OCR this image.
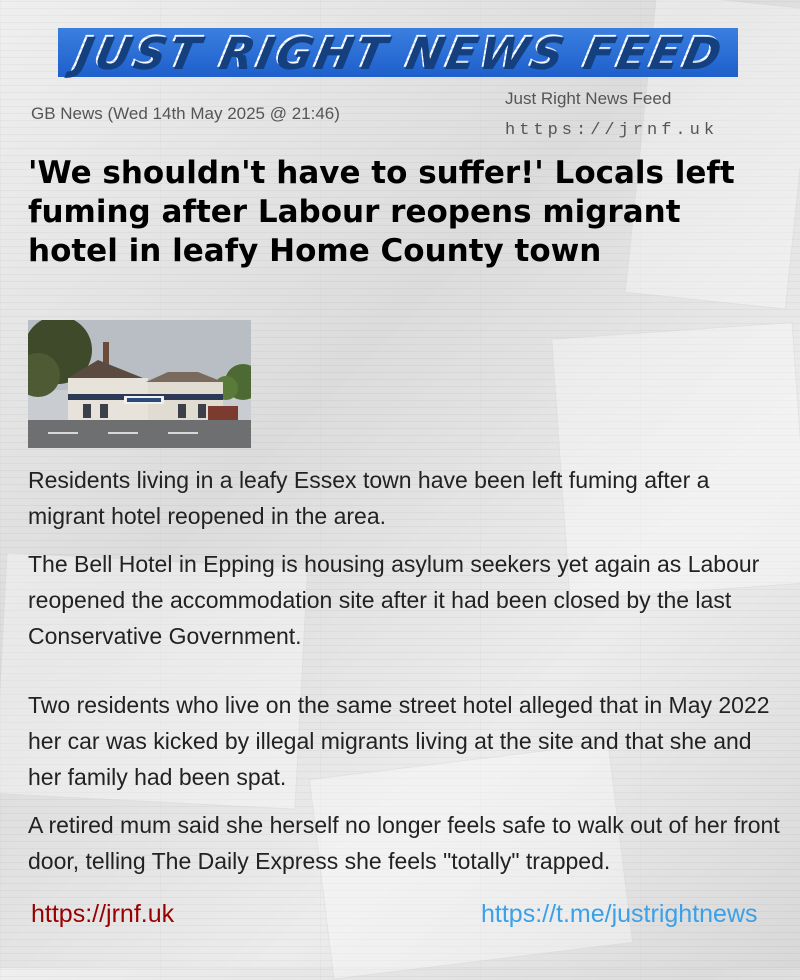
JUST RIGHT NEWS FEED
GB News (Wed 14th May 2025 @ 21:46)
Just Right News Feed
https://jrnf.uk
'We shouldn't have to suffer!' Locals left fuming after Labour reopens migrant hotel in leafy Home County town

Residents living in a leafy Essex town have been left fuming after a migrant hotel reopened in the area.

The Bell Hotel in Epping is housing asylum seekers yet again as Labour reopened the accommodation site after it had been closed by the last Conservative Government.

Two residents who live on the same street hotel alleged that in May 2022 her car was kicked by illegal migrants living at the site and that she and her family had been spat.

A retired mum said she herself no longer feels safe to walk out of her front door, telling The Daily Express she feels "totally" trapped.

https://jrnf.uk	https://t.me/justrightnews
